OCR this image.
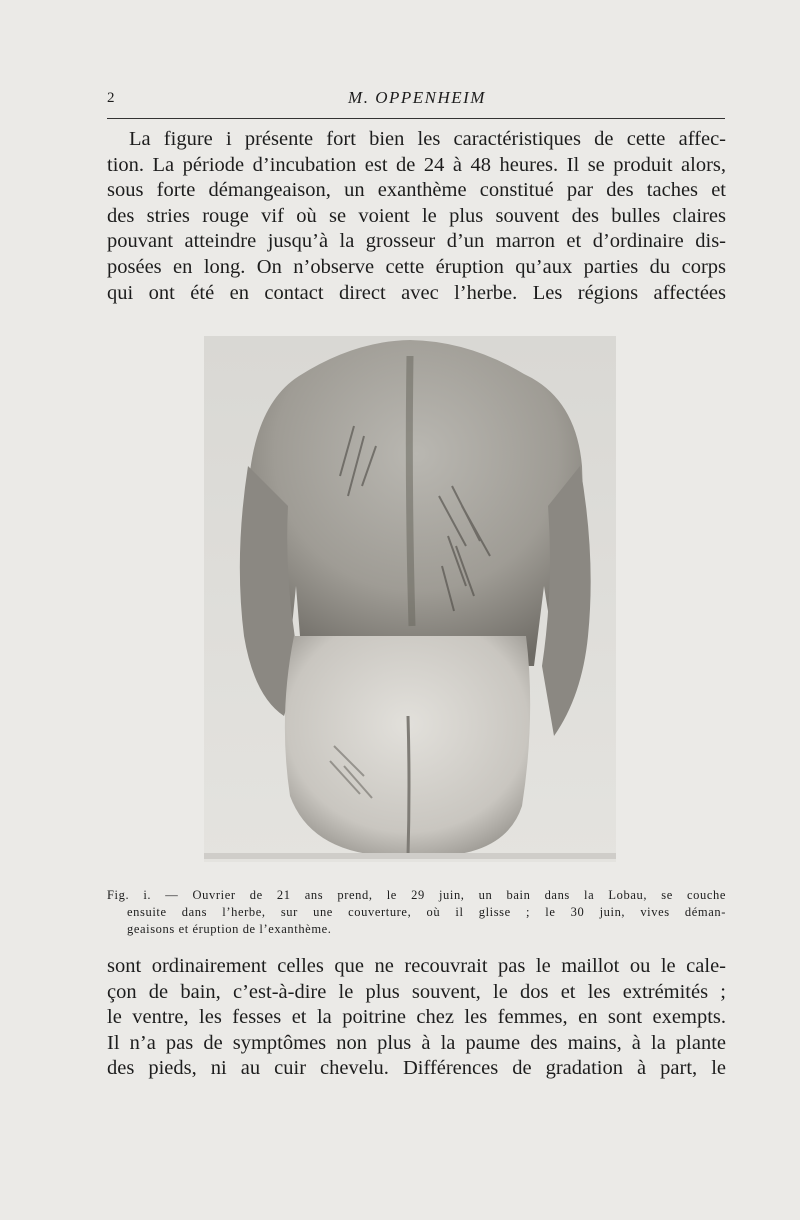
2	M. OPPENHEIM
La figure i présente fort bien les caractéristiques de cette affec-
tion. La période d’incubation est de 24 à 48 heures. Il se produit alors,
sous forte démangeaison, un exanthème constitué par des taches et
des stries rouge vif où se voient le plus souvent des bulles claires
pouvant atteindre jusqu’à la grosseur d’un marron et d’ordinaire dis-
posées en long. On n’observe cette éruption qu’aux parties du corps
qui ont été en contact direct avec l’herbe. Les régions affectées
Fig. i. — Ouvrier de 21 ans prend, le 29 juin, un bain dans la Lobau, se couche
ensuite dans l’herbe, sur une couverture, où il glisse ; le 30 juin, vives déman-
geaisons et éruption de l’exanthème.
sont ordinairement celles que ne recouvrait pas le maillot ou le cale-
çon de bain, c’est-à-dire le plus souvent, le dos et les extrémités ;
le ventre, les fesses et la poitrine chez les femmes, en sont exempts.
Il n’a pas de symptômes non plus à la paume des mains, à la plante
des pieds, ni au cuir chevelu. Différences de gradation à part, le
